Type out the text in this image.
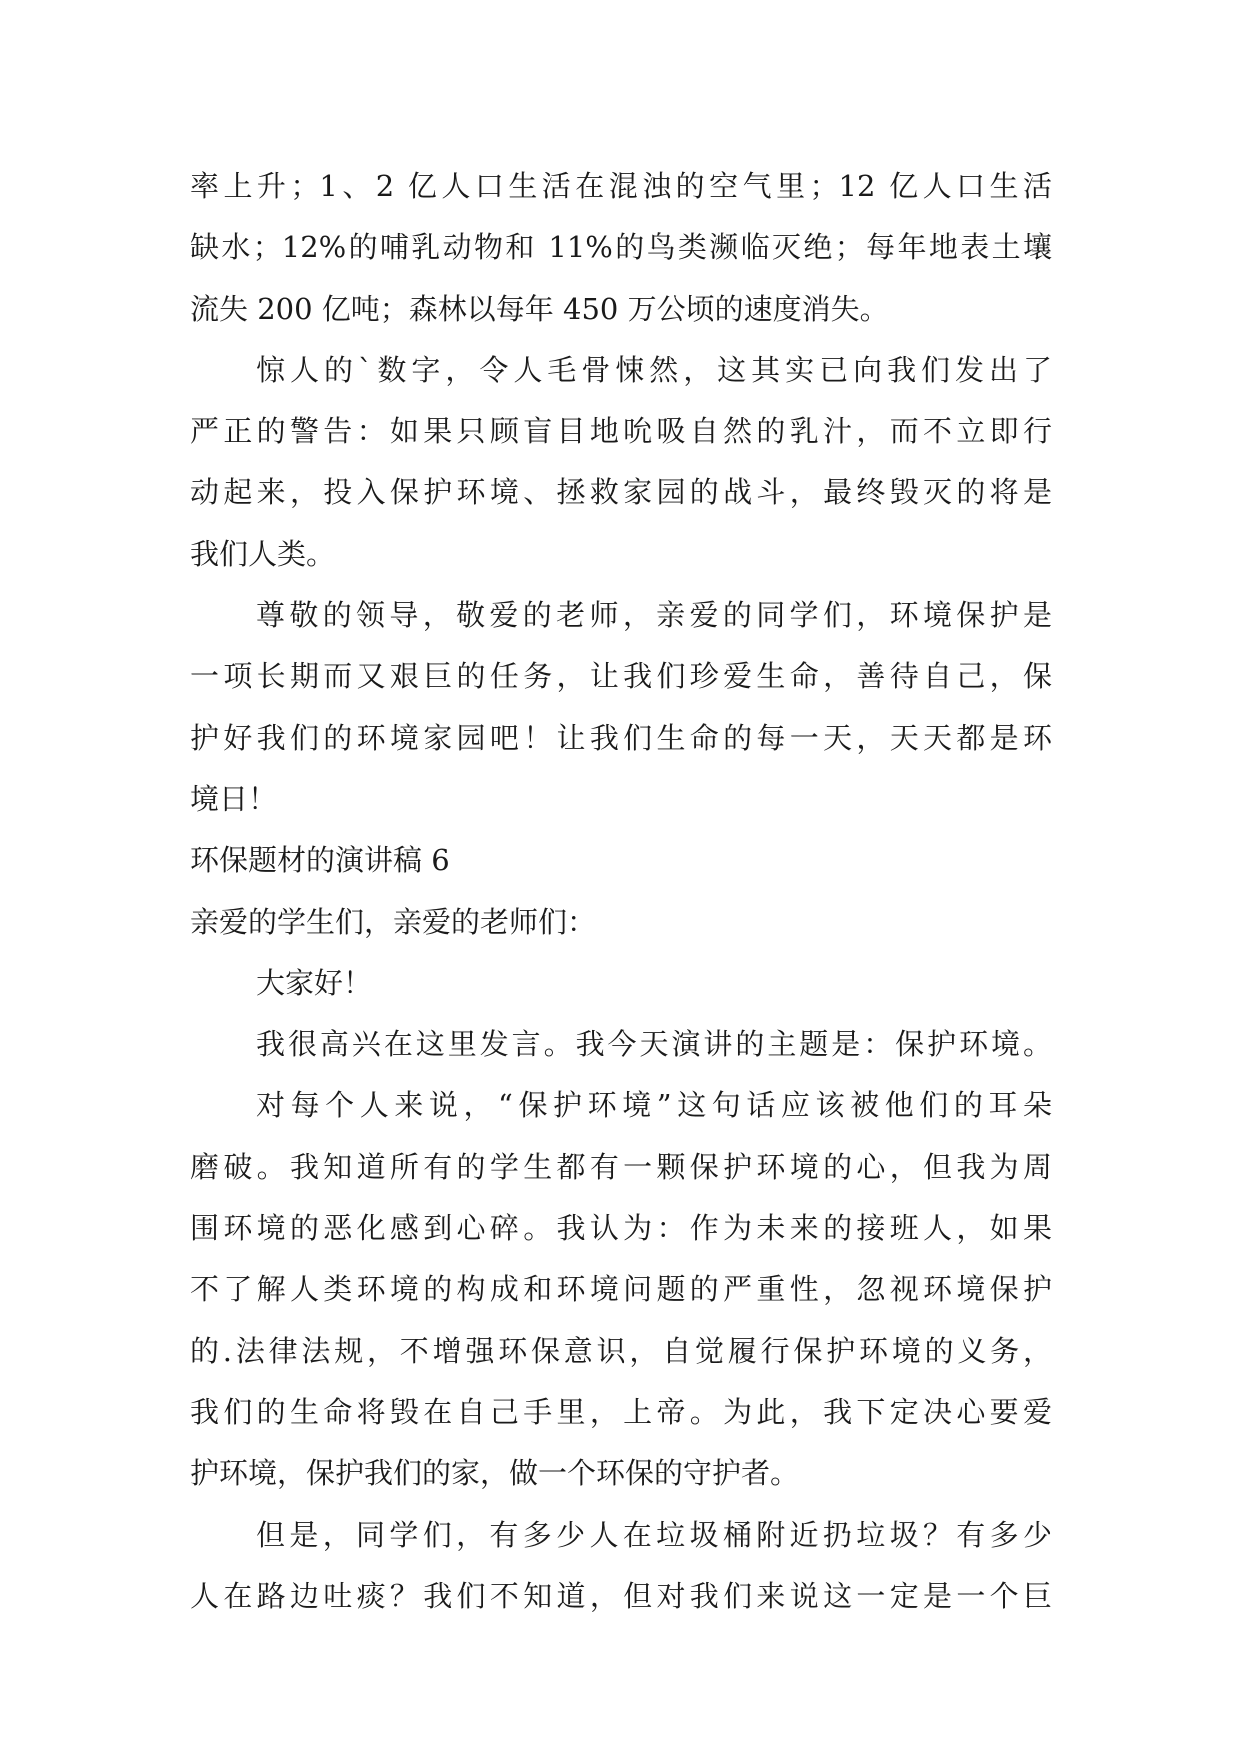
率上升；1、2 亿人口生活在混浊的空气里；12 亿人口生活
缺水；12%的哺乳动物和 11%的鸟类濒临灭绝；每年地表土壤
流失 200 亿吨；森林以每年 450 万公顷的速度消失。
惊人的`数字，令人毛骨悚然，这其实已向我们发出了
严正的警告：如果只顾盲目地吮吸自然的乳汁，而不立即行
动起来，投入保护环境、拯救家园的战斗，最终毁灭的将是
我们人类。
尊敬的领导，敬爱的老师，亲爱的同学们，环境保护是
一项长期而又艰巨的任务，让我们珍爱生命，善待自己，保
护好我们的环境家园吧！让我们生命的每一天，天天都是环
境日！
环保题材的演讲稿 6
亲爱的学生们，亲爱的老师们：
大家好！
我很高兴在这里发言。我今天演讲的主题是：保护环境。
对每个人来说，“保护环境”这句话应该被他们的耳朵
磨破。我知道所有的学生都有一颗保护环境的心，但我为周
围环境的恶化感到心碎。我认为：作为未来的接班人，如果
不了解人类环境的构成和环境问题的严重性，忽视环境保护
的.法律法规，不增强环保意识，自觉履行保护环境的义务，
我们的生命将毁在自己手里，上帝。为此，我下定决心要爱
护环境，保护我们的家，做一个环保的守护者。
但是，同学们，有多少人在垃圾桶附近扔垃圾？有多少
人在路边吐痰？我们不知道，但对我们来说这一定是一个巨
